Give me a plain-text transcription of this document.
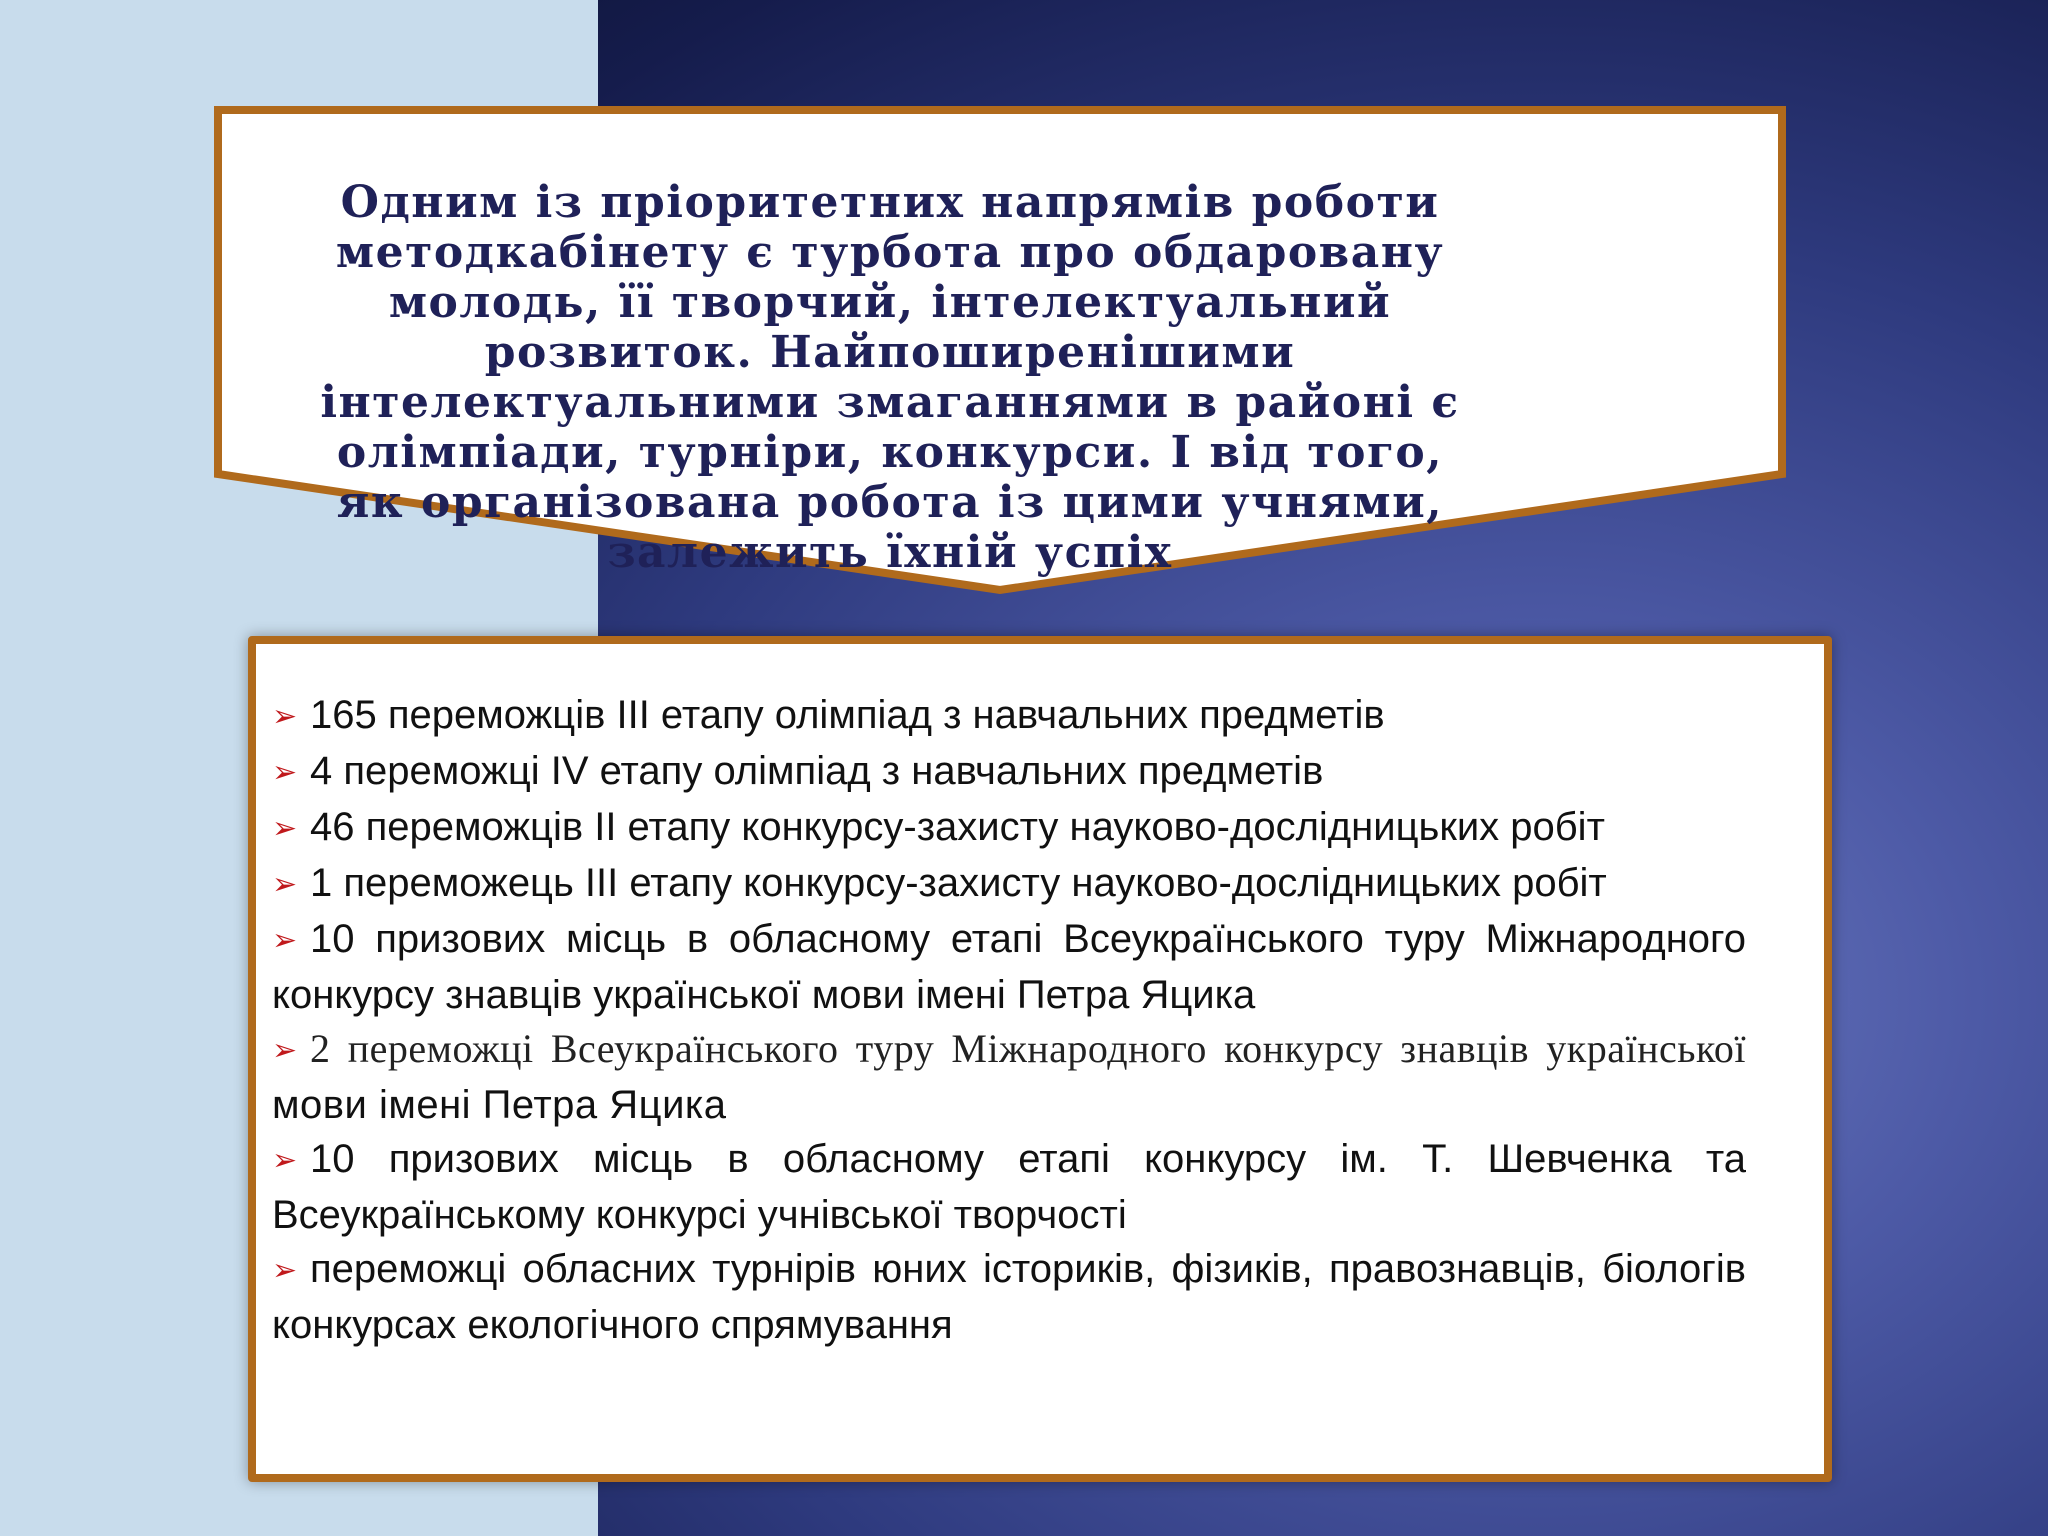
Одним із пріоритетних напрямів роботи методкабінету є турбота про обдаровану молодь, її творчий, інтелектуальний розвиток. Найпоширенішими інтелектуальними змаганнями в районі є олімпіади, турніри, конкурси. І від того, як організована робота із цими учнями, залежить їхній успіх

➢ 165 переможців ІІІ етапу олімпіад з навчальних предметів
➢ 4 переможці ІV етапу олімпіад з навчальних предметів
➢ 46 переможців ІІ етапу конкурсу-захисту науково-дослідницьких робіт
➢ 1 переможець ІІІ етапу конкурсу-захисту науково-дослідницьких робіт
➢ 10 призових місць в обласному етапі Всеукраїнського туру Міжнародного конкурсу знавців української мови імені Петра Яцика
➢ 2 переможці Всеукраїнського туру Міжнародного конкурсу знавців української мови імені Петра Яцика
➢ 10 призових місць в обласному етапі конкурсу ім. Т. Шевченка та Всеукраїнському конкурсі учнівської творчості
➢ переможці обласних турнірів юних істориків, фізиків, правознавців, біологів конкурсах екологічного спрямування
